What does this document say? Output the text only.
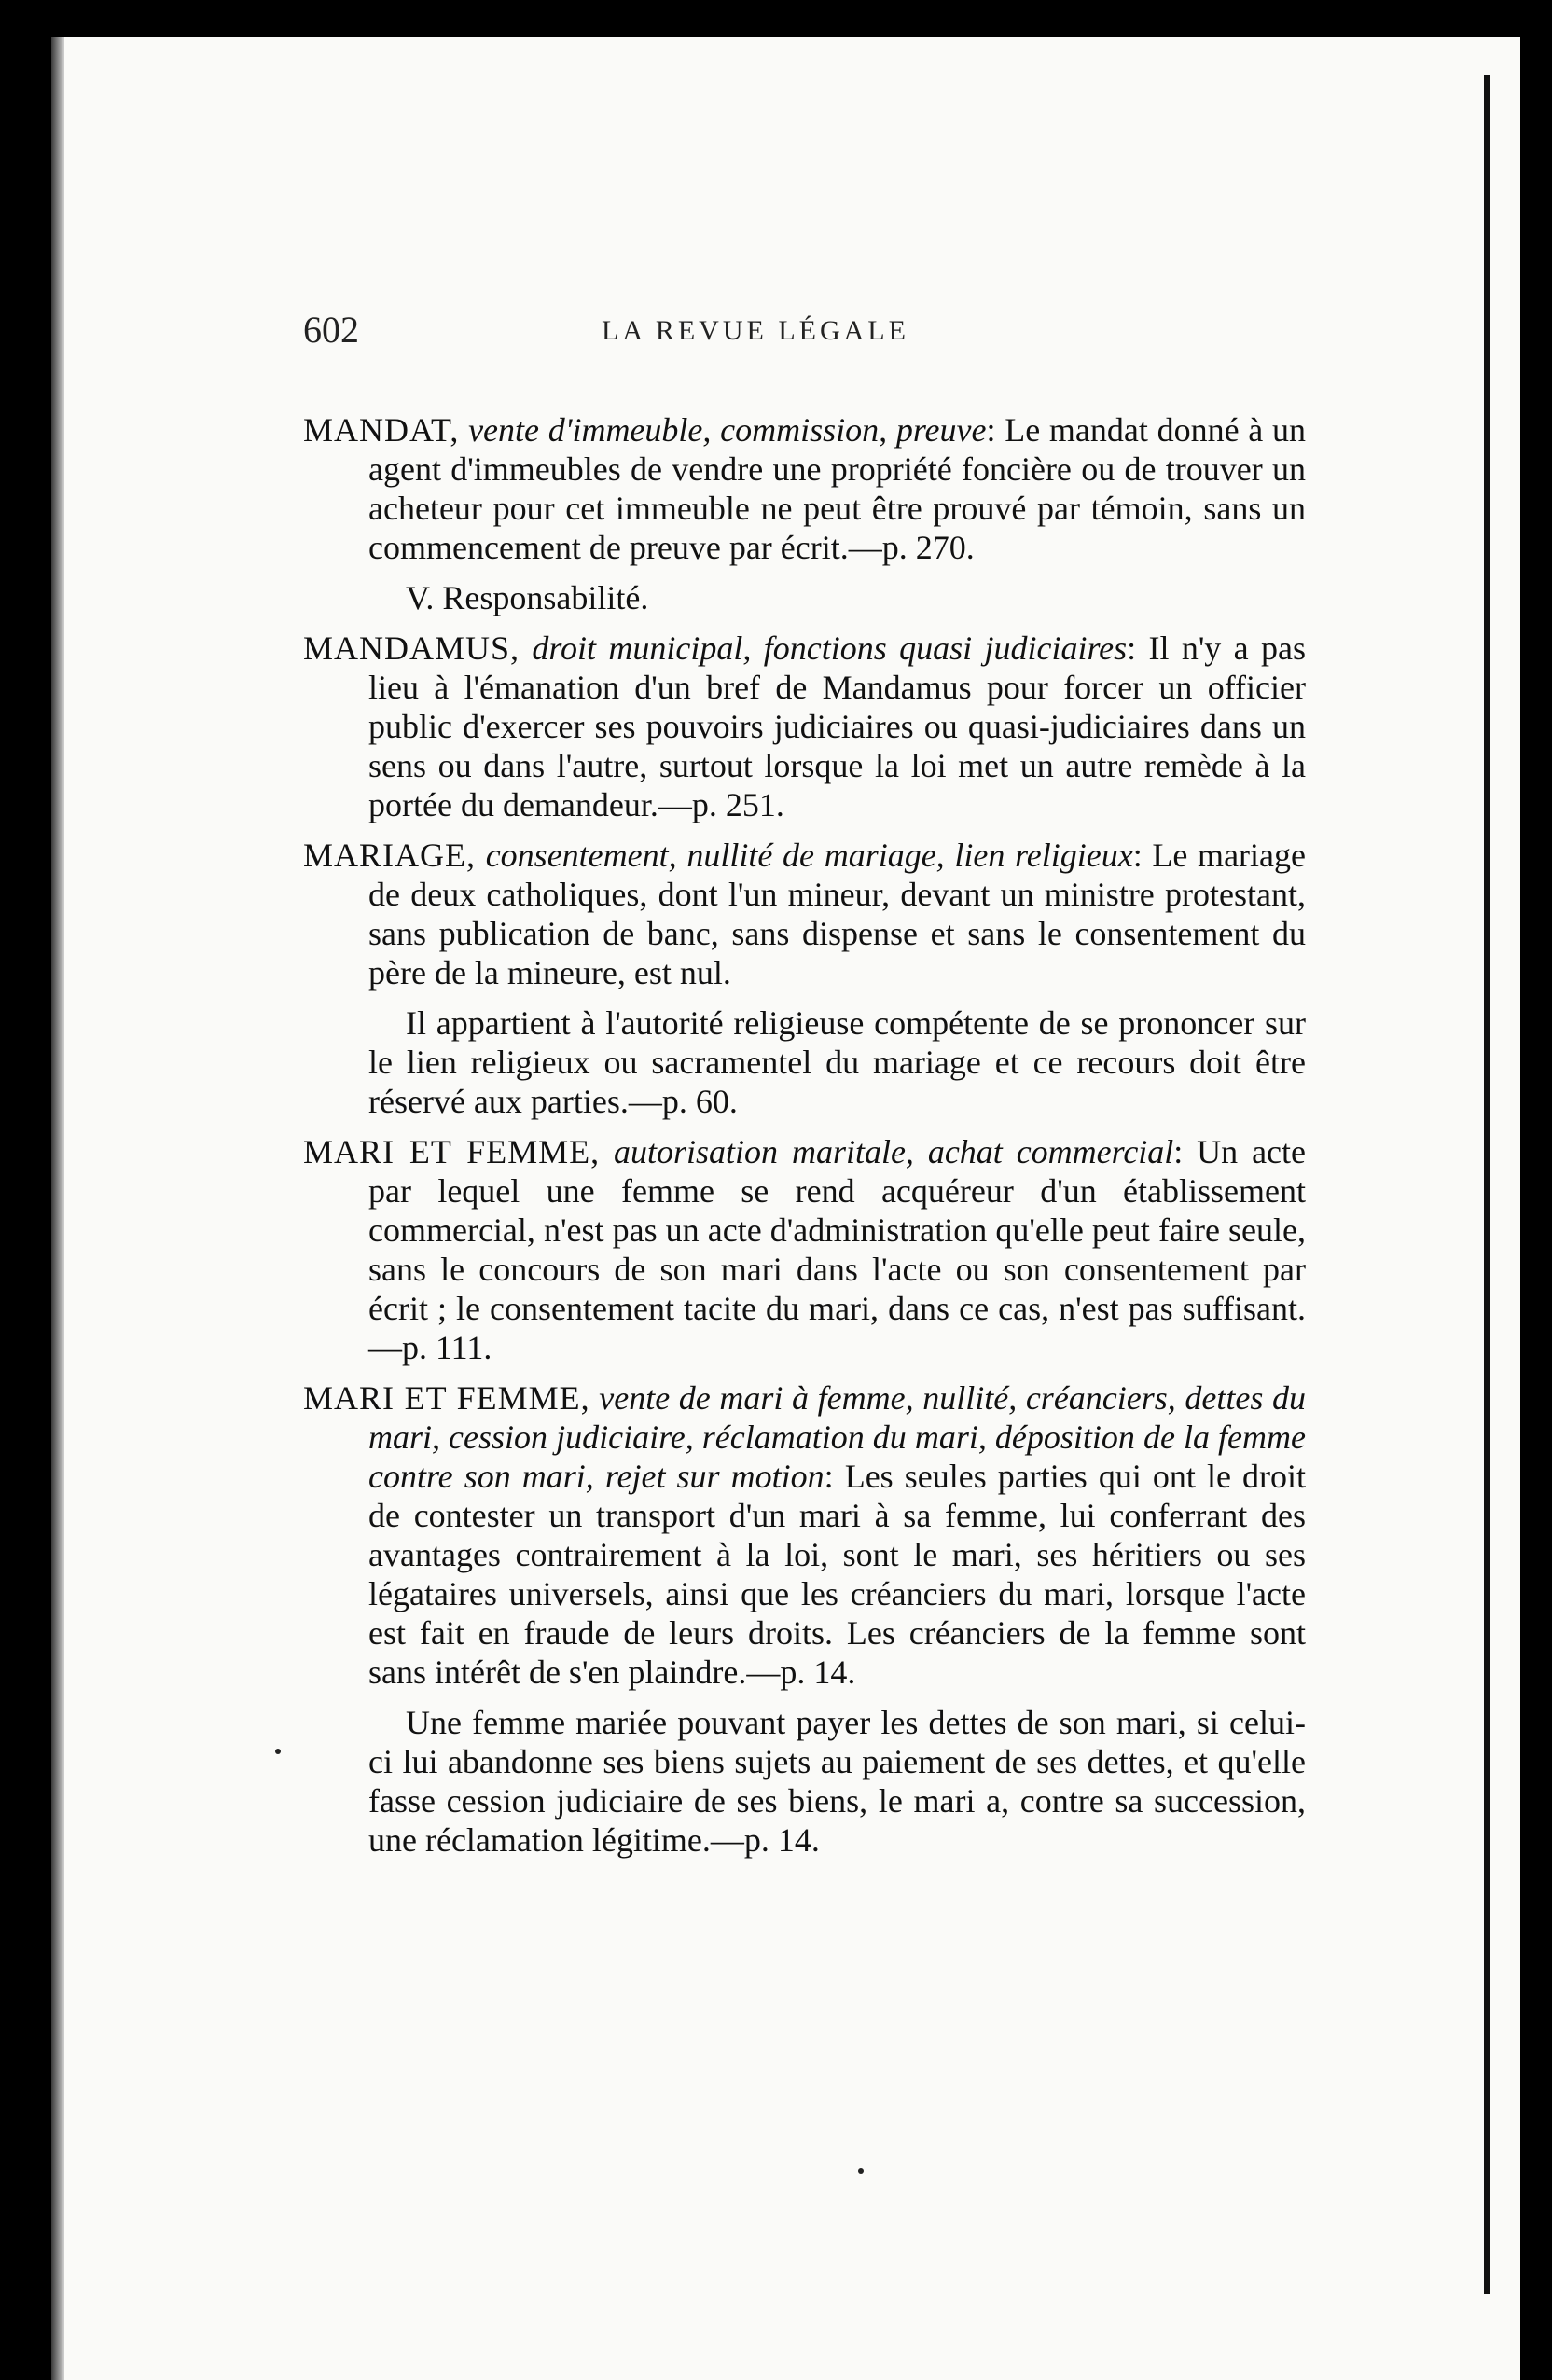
602	LA REVUE LÉGALE

MANDAT, vente d'immeuble, commission, preuve: Le mandat donné à un agent d'immeubles de vendre une propriété foncière ou de trouver un acheteur pour cet immeuble ne peut être prouvé par témoin, sans un commencement de preuve par écrit.—p. 270.

V. Responsabilité.

MANDAMUS, droit municipal, fonctions quasi judiciaires: Il n'y a pas lieu à l'émanation d'un bref de Mandamus pour forcer un officier public d'exercer ses pouvoirs judiciaires ou quasi-judiciaires dans un sens ou dans l'autre, surtout lorsque la loi met un autre remède à la portée du demandeur.—p. 251.

MARIAGE, consentement, nullité de mariage, lien religieux: Le mariage de deux catholiques, dont l'un mineur, devant un ministre protestant, sans publication de banc, sans dispense et sans le consentement du père de la mineure, est nul.

Il appartient à l'autorité religieuse compétente de se prononcer sur le lien religieux ou sacramentel du mariage et ce recours doit être réservé aux parties.—p. 60.

MARI ET FEMME, autorisation maritale, achat commercial: Un acte par lequel une femme se rend acquéreur d'un établissement commercial, n'est pas un acte d'administration qu'elle peut faire seule, sans le concours de son mari dans l'acte ou son consentement par écrit ; le consentement tacite du mari, dans ce cas, n'est pas suffisant.—p. 111.

MARI ET FEMME, vente de mari à femme, nullité, créanciers, dettes du mari, cession judiciaire, réclamation du mari, déposition de la femme contre son mari, rejet sur motion: Les seules parties qui ont le droit de contester un transport d'un mari à sa femme, lui conferrant des avantages contrairement à la loi, sont le mari, ses héritiers ou ses légataires universels, ainsi que les créanciers du mari, lorsque l'acte est fait en fraude de leurs droits. Les créanciers de la femme sont sans intérêt de s'en plaindre.—p. 14.

Une femme mariée pouvant payer les dettes de son mari, si celui-ci lui abandonne ses biens sujets au paiement de ses dettes, et qu'elle fasse cession judiciaire de ses biens, le mari a, contre sa succession, une réclamation légitime.—p. 14.
